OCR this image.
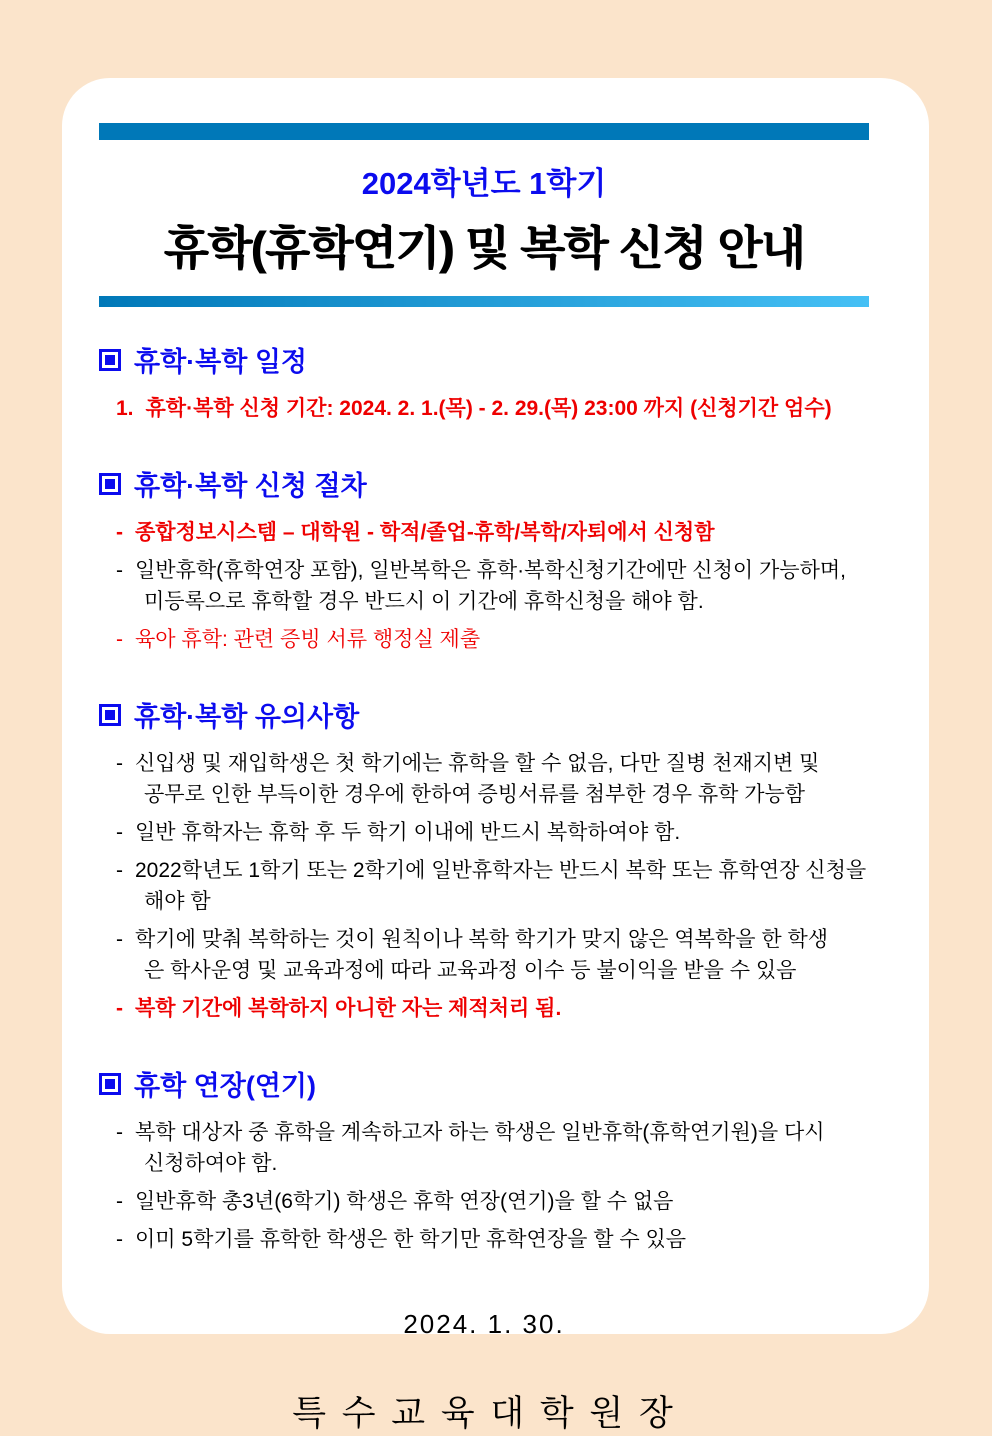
2024학년도 1학기
휴학(휴학연기) 및 복학 신청 안내
휴학·복학 일정
1. 휴학·복학 신청 기간: 2024. 2. 1.(목) - 2. 29.(목) 23:00 까지 (신청기간 엄수)
휴학·복학 신청 절차
- 종합정보시스템 – 대학원 - 학적/졸업-휴학/복학/자퇴에서 신청함
- 일반휴학(휴학연장 포함), 일반복학은 휴학·복학신청기간에만 신청이 가능하며,
미등록으로 휴학할 경우 반드시 이 기간에 휴학신청을 해야 함.
- 육아 휴학: 관련 증빙 서류 행정실 제출
휴학·복학 유의사항
- 신입생 및 재입학생은 첫 학기에는 휴학을 할 수 없음, 다만 질병 천재지변 및
공무로 인한 부득이한 경우에 한하여 증빙서류를 첨부한 경우 휴학 가능함
- 일반 휴학자는 휴학 후 두 학기 이내에 반드시 복학하여야 함.
- 2022학년도 1학기 또는 2학기에 일반휴학자는 반드시 복학 또는 휴학연장 신청을
해야 함
- 학기에 맞춰 복학하는 것이 원칙이나 복학 학기가 맞지 않은 역복학을 한 학생
은 학사운영 및 교육과정에 따라 교육과정 이수 등 불이익을 받을 수 있음
- 복학 기간에 복학하지 아니한 자는 제적처리 됨.
휴학 연장(연기)
- 복학 대상자 중 휴학을 계속하고자 하는 학생은 일반휴학(휴학연기원)을 다시
신청하여야 함.
- 일반휴학 총3년(6학기) 학생은 휴학 연장(연기)을 할 수 없음
- 이미 5학기를 휴학한 학생은 한 학기만 휴학연장을 할 수 있음
2024. 1. 30.
특 수 교 육 대 학 원 장
